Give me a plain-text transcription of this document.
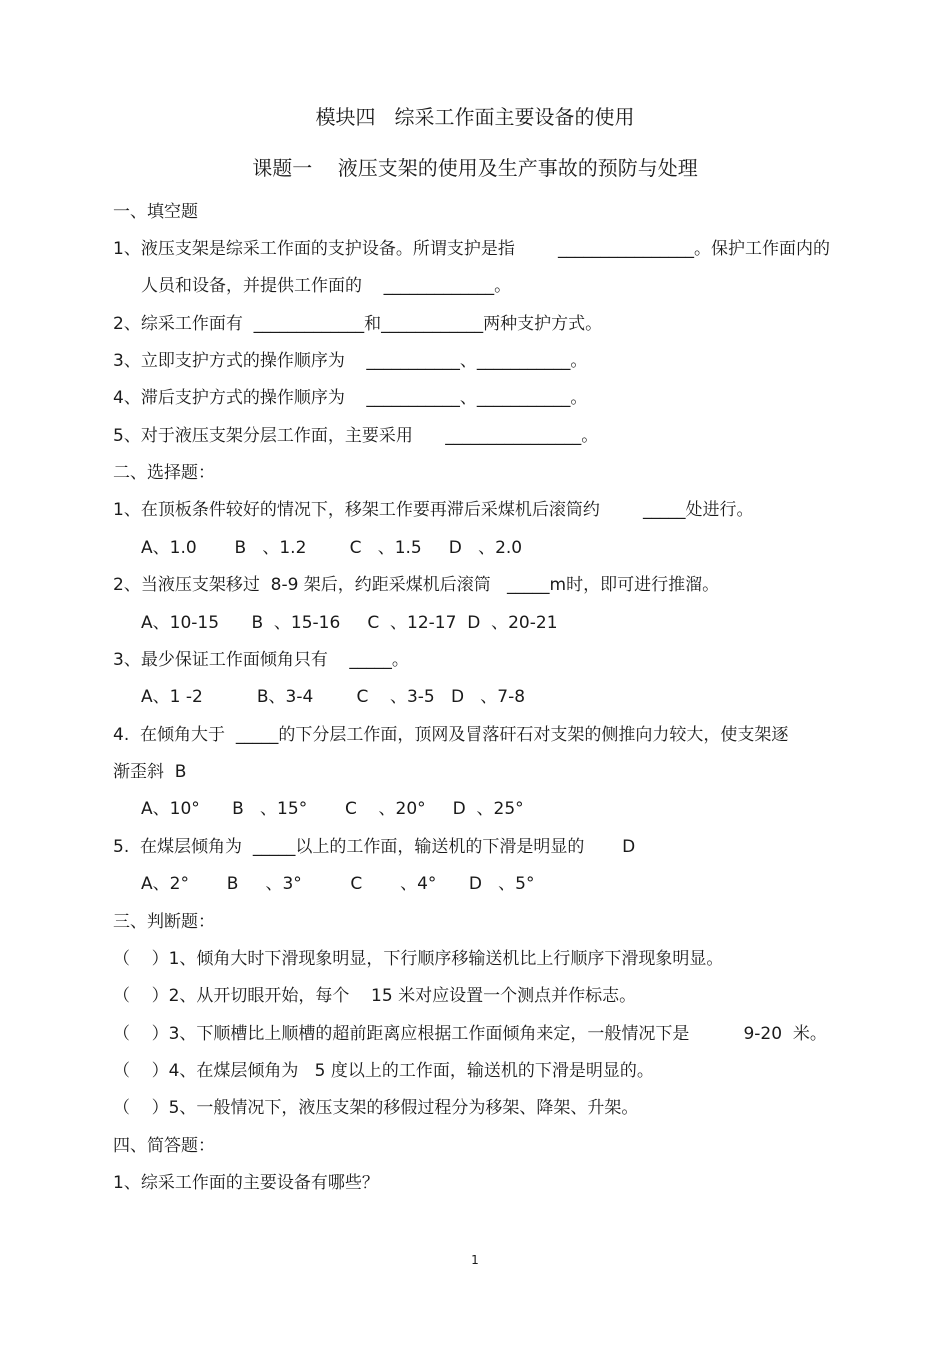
模块四   综采工作面主要设备的使用
课题一    液压支架的使用及生产事故的预防与处理
一、填空题
1、液压支架是综采工作面的支护设备。所谓支护是指        ________________。保护工作面内的
人员和设备，并提供工作面的    _____________。
2、综采工作面有  _____________和____________两种支护方式。
3、立即支护方式的操作顺序为    ___________、___________。
4、滞后支护方式的操作顺序为    ___________、___________。
5、对于液压支架分层工作面，主要采用      ________________。
二、选择题：
1、在顶板条件较好的情况下，移架工作要再滞后采煤机后滚筒约        _____处进行。
A、1.0       B   、1.2        C   、1.5     D   、2.0
2、当液压支架移过  8-9 架后，约距采煤机后滚筒   _____m时，即可进行推溜。
A、10-15      B  、15-16     C  、12-17  D  、20-21
3、最少保证工作面倾角只有    _____。
A、1 -2          B、3-4        C    、3-5   D   、7-8
4.  在倾角大于  _____的下分层工作面，顶网及冒落矸石对支架的侧推向力较大，使支架逐
渐歪斜  B
A、10°      B   、15°       C    、20°     D  、25°
5.  在煤层倾角为  _____以上的工作面，输送机的下滑是明显的       D
A、2°       B     、3°         C       、4°      D   、5°
三、判断题：
（    ）1、倾角大时下滑现象明显，下行顺序移输送机比上行顺序下滑现象明显。
（    ）2、从开切眼开始，每个    15 米对应设置一个测点并作标志。
（    ）3、下顺槽比上顺槽的超前距离应根据工作面倾角来定，一般情况下是          9-20  米。
（    ）4、在煤层倾角为   5 度以上的工作面，输送机的下滑是明显的。
（    ）5、一般情况下，液压支架的移假过程分为移架、降架、升架。
四、简答题：
1、综采工作面的主要设备有哪些？
1
